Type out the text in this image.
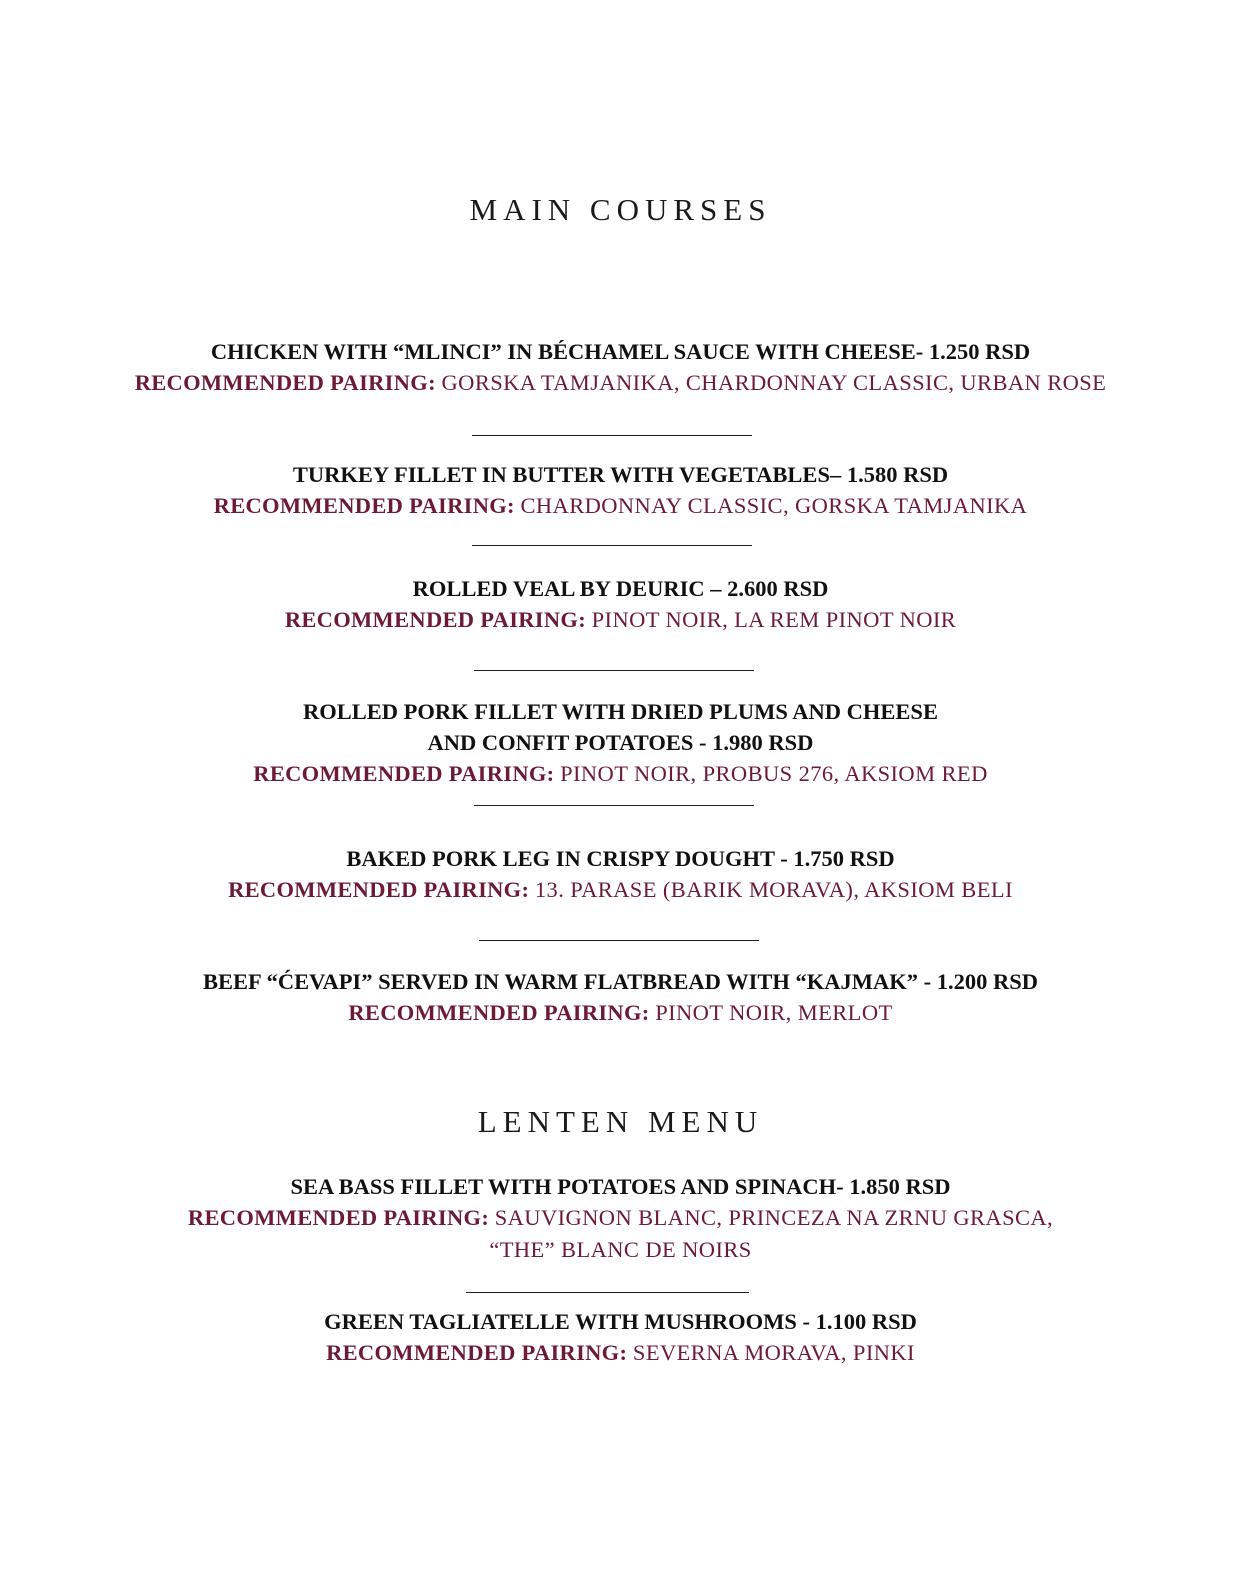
MAIN COURSES
CHICKEN WITH “MLINCI” IN BÉCHAMEL SAUCE WITH CHEESE- 1.250 RSD
RECOMMENDED PAIRING: GORSKA TAMJANIKA, CHARDONNAY CLASSIC, URBAN ROSE
TURKEY FILLET IN BUTTER WITH VEGETABLES– 1.580 RSD
RECOMMENDED PAIRING: CHARDONNAY CLASSIC, GORSKA TAMJANIKA
ROLLED VEAL BY DEURIC – 2.600 RSD
RECOMMENDED PAIRING: PINOT NOIR, LA REM PINOT NOIR
ROLLED PORK FILLET WITH DRIED PLUMS AND CHEESE
AND CONFIT POTATOES - 1.980 RSD
RECOMMENDED PAIRING: PINOT NOIR, PROBUS 276, AKSIOM RED
BAKED PORK LEG IN CRISPY DOUGHT - 1.750 RSD
RECOMMENDED PAIRING: 13. PARASE (BARIK MORAVA), AKSIOM BELI
BEEF “ĆEVAPI” SERVED IN WARM FLATBREAD WITH “KAJMAK” - 1.200 RSD
RECOMMENDED PAIRING: PINOT NOIR, MERLOT
LENTEN MENU
SEA BASS FILLET WITH POTATOES AND SPINACH- 1.850 RSD
RECOMMENDED PAIRING: SAUVIGNON BLANC, PRINCEZA NA ZRNU GRASCA,
“THE” BLANC DE NOIRS
GREEN TAGLIATELLE WITH MUSHROOMS - 1.100 RSD
RECOMMENDED PAIRING: SEVERNA MORAVA, PINKI
